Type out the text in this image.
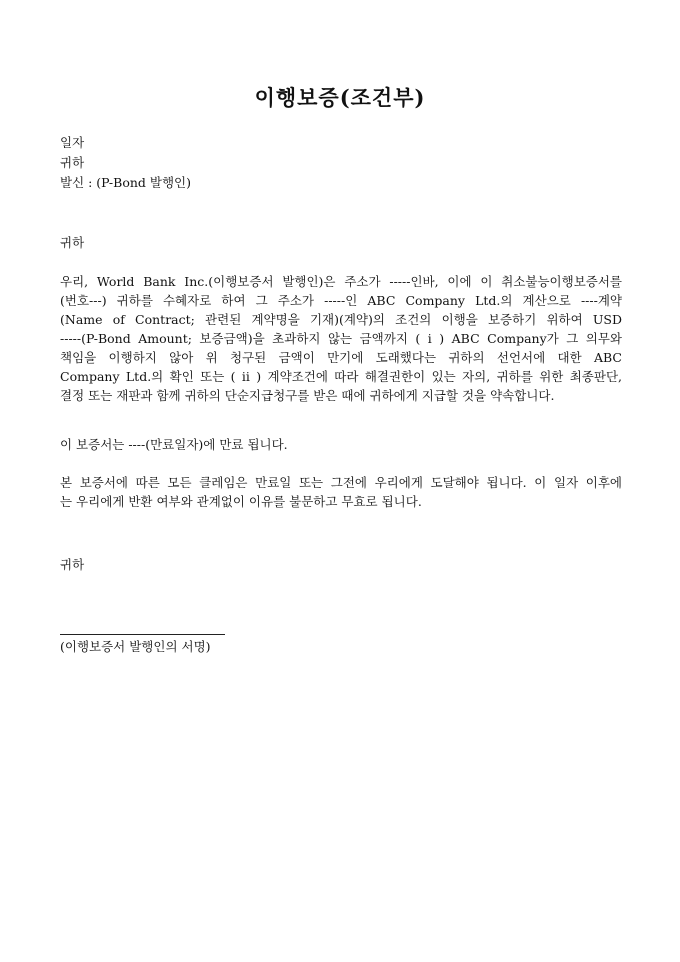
이행보증(조건부)
일자
귀하
발신 : (P-Bond 발행인)
귀하
우리, World Bank Inc.(이행보증서 발행인)은 주소가 -----인바, 이에 이 취소불능이행보증서를
(번호---) 귀하를 수혜자로 하여 그 주소가 -----인 ABC Company Ltd.의 계산으로 ----계약
(Name of Contract; 관련된 계약명을 기재)(계약)의 조건의 이행을 보증하기 위하여 USD
-----(P-Bond Amount; 보증금액)을 초과하지 않는 금액까지 ( i ) ABC Company가 그 의무와
책임을 이행하지 않아 위 청구된 금액이 만기에 도래했다는 귀하의 선언서에 대한 ABC
Company Ltd.의 확인 또는 ( ii ) 계약조건에 따라 해결권한이 있는 자의, 귀하를 위한 최종판단,
결정 또는 재판과 함께 귀하의 단순지급청구를 받은 때에 귀하에게 지급할 것을 약속합니다.
이 보증서는 ----(만료일자)에 만료 됩니다.
본 보증서에 따른 모든 클레임은 만료일 또는 그전에 우리에게 도달해야 됩니다. 이 일자 이후에
는 우리에게 반환 여부와 관계없이 이유를 불문하고 무효로 됩니다.
귀하
(이행보증서 발행인의 서명)
